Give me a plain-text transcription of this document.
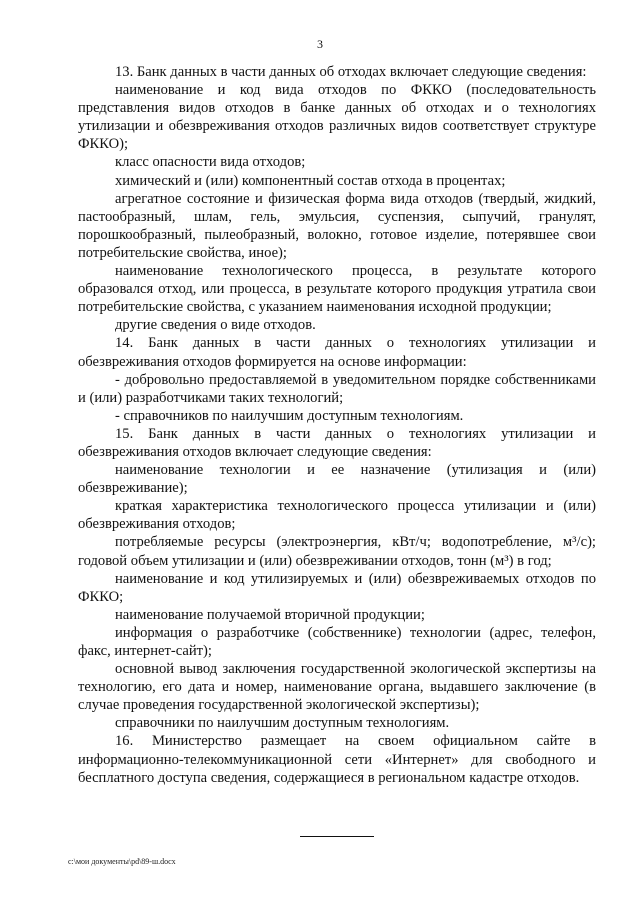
3

13. Банк данных в части данных об отходах включает следующие сведения:

наименование и код вида отходов по ФККО (последовательность представления видов отходов в банке данных об отходах и о технологиях утилизации и обезвреживания отходов различных видов соответствует структуре ФККО);

класс опасности вида отходов;

химический и (или) компонентный состав отхода в процентах;

агрегатное состояние и физическая форма вида отходов (твердый, жидкий, пастообразный, шлам, гель, эмульсия, суспензия, сыпучий, гранулят, порошкообразный, пылеобразный, волокно, готовое изделие, потерявшее свои потребительские свойства, иное);

наименование технологического процесса, в результате которого образовался отход, или процесса, в результате которого продукция утратила свои потребительские свойства, с указанием наименования исходной продукции;

другие сведения о виде отходов.

14. Банк данных в части данных о технологиях утилизации и обезвреживания отходов формируется на основе информации:

- добровольно предоставляемой в уведомительном порядке собственниками и (или) разработчиками таких технологий;

- справочников по наилучшим доступным технологиям.

15. Банк данных в части данных о технологиях утилизации и обезвреживания отходов включает следующие сведения:

наименование технологии и ее назначение (утилизация и (или) обезвреживание);

краткая характеристика технологического процесса утилизации и (или) обезвреживания отходов;

потребляемые ресурсы (электроэнергия, кВт/ч; водопотребление, м³/с); годовой объем утилизации и (или) обезвреживании отходов, тонн (м³) в год;

наименование и код утилизируемых и (или) обезвреживаемых отходов по ФККО;

наименование получаемой вторичной продукции;

информация о разработчике (собственнике) технологии (адрес, телефон, факс, интернет-сайт);

основной вывод заключения государственной экологической экспертизы на технологию, его дата и номер, наименование органа, выдавшего заключение (в случае проведения государственной экологической экспертизы);

справочники по наилучшим доступным технологиям.

16. Министерство размещает на своем официальном сайте в информационно-телекоммуникационной сети «Интернет» для свободного и бесплатного доступа сведения, содержащиеся в региональном кадастре отходов.

c:\мои документы\pd\89-ш.docx
